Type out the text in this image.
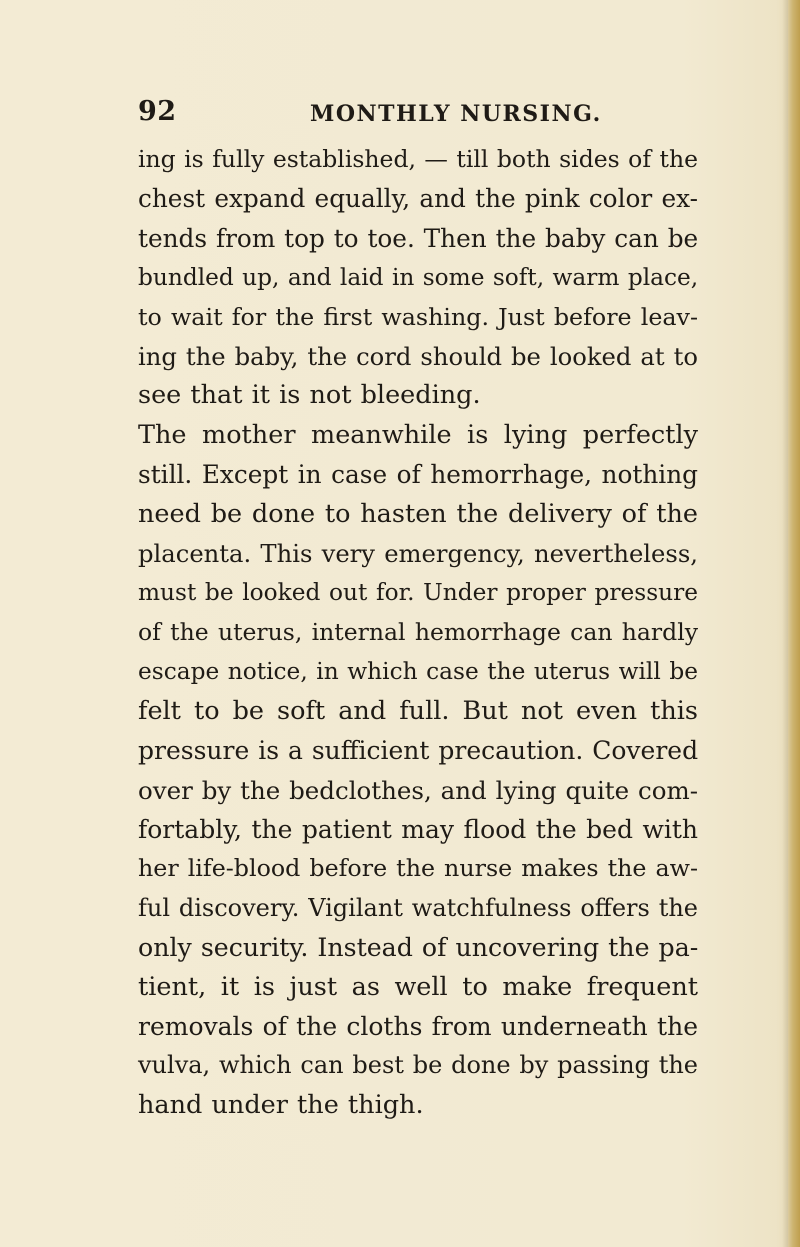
92	MONTHLY NURSING.
ing is fully established, — till both sides of the
chest expand equally, and the pink color ex-
tends from top to toe. Then the baby can be
bundled up, and laid in some soft, warm place,
to wait for the first washing. Just before leav-
ing the baby, the cord should be looked at to
see that it is not bleeding.
The mother meanwhile is lying perfectly
still. Except in case of hemorrhage, nothing
need be done to hasten the delivery of the
placenta. This very emergency, nevertheless,
must be looked out for. Under proper pressure
of the uterus, internal hemorrhage can hardly
escape notice, in which case the uterus will be
felt to be soft and full. But not even this
pressure is a sufficient precaution. Covered
over by the bedclothes, and lying quite com-
fortably, the patient may flood the bed with
her life-blood before the nurse makes the aw-
ful discovery. Vigilant watchfulness offers the
only security. Instead of uncovering the pa-
tient, it is just as well to make frequent
removals of the cloths from underneath the
vulva, which can best be done by passing the
hand under the thigh.
